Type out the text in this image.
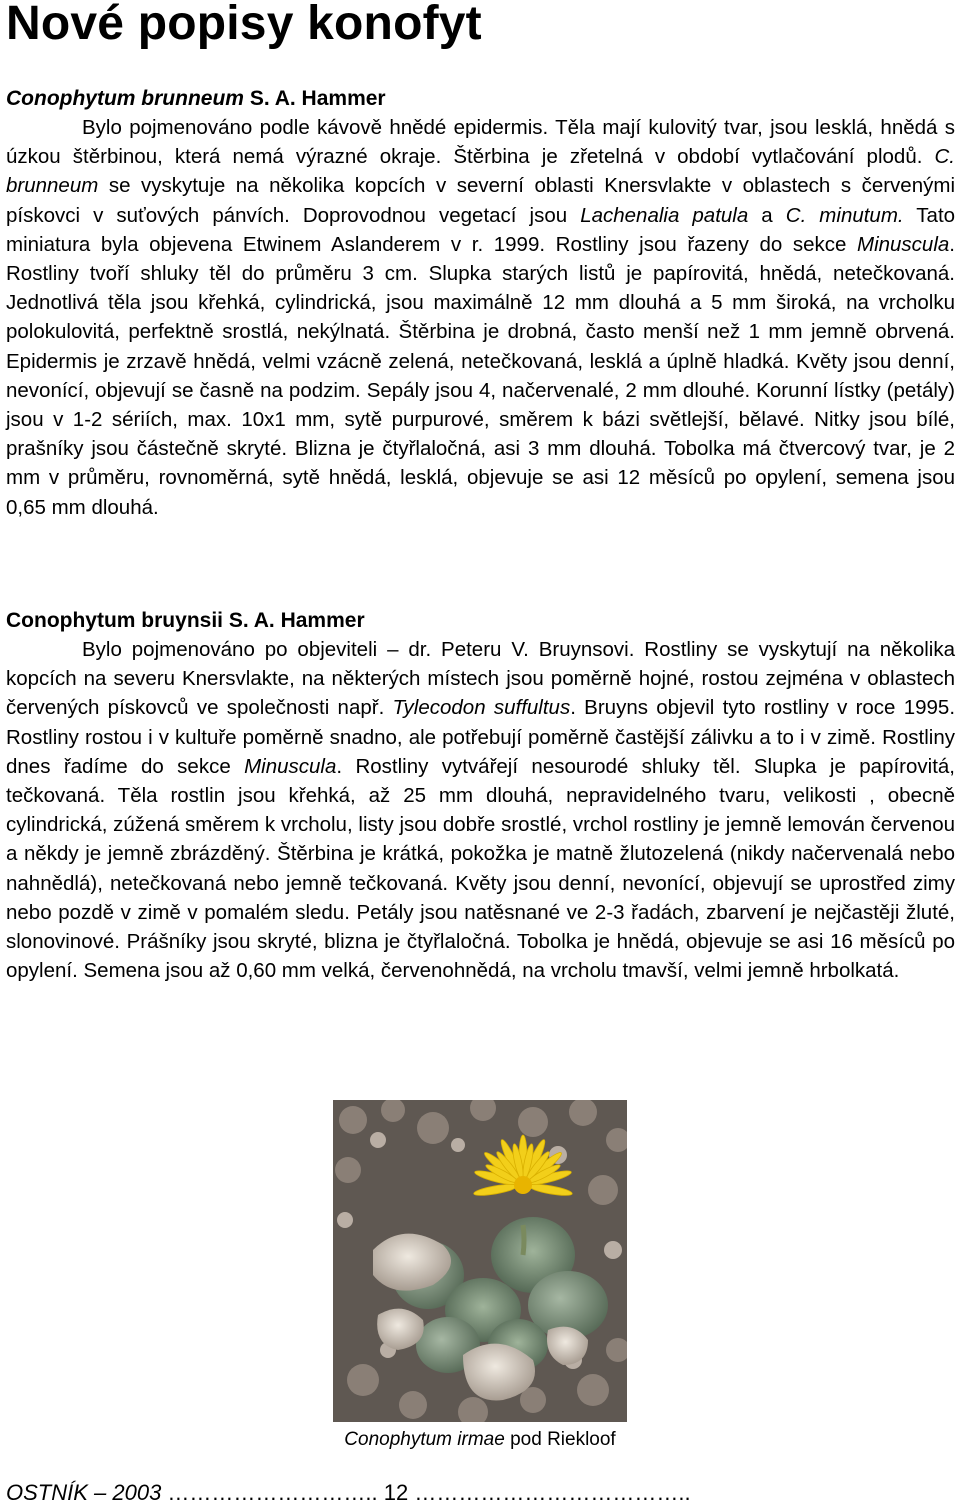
Nové popisy konofyt

Conophytum brunneum S. A. Hammer

Bylo pojmenováno podle kávově hnědé epidermis. Těla mají kulovitý tvar, jsou lesklá, hnědá s úzkou štěrbinou, která nemá výrazné okraje. Štěrbina je zřetelná v období vytlačování plodů. C. brunneum se vyskytuje na několika kopcích v severní oblasti Knersvlakte v oblastech s červenými pískovci v suťových pánvích. Doprovodnou vegetací jsou Lachenalia patula a C. minutum. Tato miniatura byla objevena Etwinem Aslanderem v r. 1999. Rostliny jsou řazeny do sekce Minuscula. Rostliny tvoří shluky těl do průměru 3 cm. Slupka starých listů je papírovitá, hnědá, netečkovaná. Jednotlivá těla jsou křehká, cylindrická, jsou maximálně 12 mm dlouhá a 5 mm široká, na vrcholku polokulovitá, perfektně srostlá, nekýlnatá. Štěrbina je drobná, často menší než 1 mm jemně obrvená. Epidermis je zrzavě hnědá, velmi vzácně zelená, netečkovaná, lesklá a úplně hladká. Květy jsou denní, nevonící, objevují se časně na podzim. Sepály jsou 4, načervenalé, 2 mm dlouhé. Korunní lístky (petály) jsou v 1-2 sériích, max. 10x1 mm, sytě purpurové, směrem k bázi světlejší, bělavé. Nitky jsou bílé, prašníky jsou částečně skryté. Blizna je čtyřlaločná, asi 3 mm dlouhá. Tobolka má čtvercový tvar, je 2 mm v průměru, rovnoměrná, sytě hnědá, lesklá, objevuje se asi 12 měsíců po opylení, semena jsou 0,65 mm dlouhá.

Conophytum bruynsii S. A. Hammer

Bylo pojmenováno po objeviteli – dr. Peteru V. Bruynsovi. Rostliny se vyskytují na několika kopcích na severu Knersvlakte, na některých místech jsou poměrně hojné, rostou zejména v oblastech červených pískovců ve společnosti např. Tylecodon suffultus. Bruyns objevil tyto rostliny v roce 1995. Rostliny rostou i v kultuře poměrně snadno, ale potřebují poměrně častější zálivku a to i v zimě. Rostliny dnes řadíme do sekce Minuscula. Rostliny vytvářejí nesourodé shluky těl. Slupka je papírovitá, tečkovaná. Těla rostlin jsou křehká, až 25 mm dlouhá, nepravidelného tvaru, velikosti , obecně cylindrická, zúžená směrem k vrcholu, listy jsou dobře srostlé, vrchol rostliny je jemně lemován červenou a někdy je jemně zbrázděný. Štěrbina je krátká, pokožka je matně žlutozelená (nikdy načervenalá nebo nahnědlá), netečkovaná nebo jemně tečkovaná. Květy jsou denní, nevonící, objevují se uprostřed zimy nebo pozdě v zimě v pomalém sledu. Petály jsou natěsnané ve 2-3 řadách, zbarvení je nejčastěji žluté, slonovinové. Prášníky jsou skryté, blizna je čtyřlaločná. Tobolka je hnědá, objevuje se asi 16 měsíců po opylení. Semena jsou až 0,60 mm velká, červenohnědá, na vrcholu tmavší, velmi jemně hrbolkatá.

Conophytum irmae pod Riekloof
OSTNÍK – 2003 ……………………….. 12 ………………………………..
